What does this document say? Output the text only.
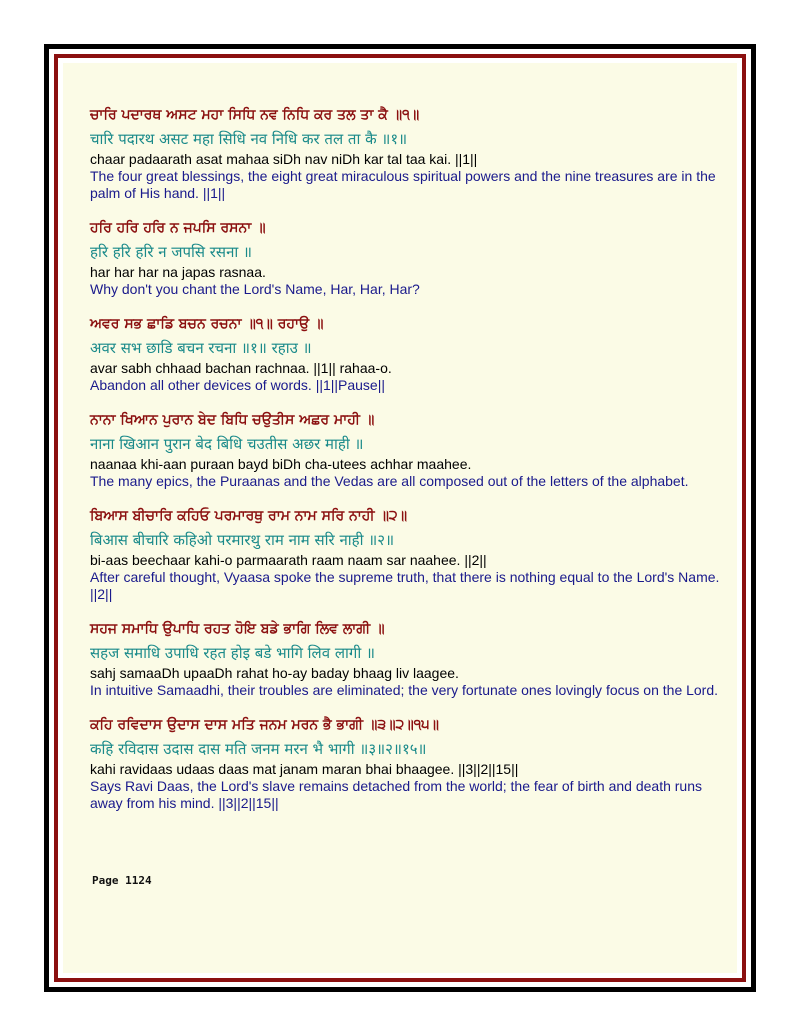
ਚਾਰਿ ਪਦਾਰਥ ਅਸਟ ਮਹਾ ਸਿਧਿ ਨਵ ਨਿਧਿ ਕਰ ਤਲ ਤਾ ਕੈ ॥੧॥
चारि पदारथ असट महा सिधि नव निधि कर तल ता कै ॥१॥
chaar padaarath asat mahaa siDh nav niDh kar tal taa kai. ||1||
The four great blessings, the eight great miraculous spiritual powers and the nine treasures are in the palm of His hand. ||1||
ਹਰਿ ਹਰਿ ਹਰਿ ਨ ਜਪਸਿ ਰਸਨਾ ॥
हरि हरि हरि न जपसि रसना ॥
har har har na japas rasnaa.
Why don't you chant the Lord's Name, Har, Har, Har?
ਅਵਰ ਸਭ ਛਾਡਿ ਬਚਨ ਰਚਨਾ ॥੧॥ ਰਹਾਉ ॥
अवर सभ छाडि बचन रचना ॥१॥ रहाउ ॥
avar sabh chhaad bachan rachnaa. ||1|| rahaa-o.
Abandon all other devices of words. ||1||Pause||
ਨਾਨਾ ਖਿਆਨ ਪੁਰਾਨ ਬੇਦ ਬਿਧਿ ਚਉਤੀਸ ਅਛਰ ਮਾਹੀ ॥
नाना खिआन पुरान बेद बिधि चउतीस अछर माही ॥
naanaa khi-aan puraan bayd biDh cha-utees achhar maahee.
The many epics, the Puraanas and the Vedas are all composed out of the letters of the alphabet.
ਬਿਆਸ ਬੀਚਾਰਿ ਕਹਿਓ ਪਰਮਾਰਥੁ ਰਾਮ ਨਾਮ ਸਰਿ ਨਾਹੀ ॥੨॥
बिआस बीचारि कहिओ परमारथु राम नाम सरि नाही ॥२॥
bi-aas beechaar kahi-o parmaarath raam naam sar naahee. ||2||
After careful thought, Vyaasa spoke the supreme truth, that there is nothing equal to the Lord's Name. ||2||
ਸਹਜ ਸਮਾਧਿ ਉਪਾਧਿ ਰਹਤ ਹੋਇ ਬਡੇ ਭਾਗਿ ਲਿਵ ਲਾਗੀ ॥
सहज समाधि उपाधि रहत होइ बडे भागि लिव लागी ॥
sahj samaaDh upaaDh rahat ho-ay baday bhaag liv laagee.
In intuitive Samaadhi, their troubles are eliminated; the very fortunate ones lovingly focus on the Lord.
ਕਹਿ ਰਵਿਦਾਸ ਉਦਾਸ ਦਾਸ ਮਤਿ ਜਨਮ ਮਰਨ ਭੈ ਭਾਗੀ ॥੩॥੨॥੧੫॥
कहि रविदास उदास दास मति जनम मरन भै भागी ॥३॥२॥१५॥
kahi ravidaas udaas daas mat janam maran bhai bhaagee. ||3||2||15||
Says Ravi Daas, the Lord's slave remains detached from the world; the fear of birth and death runs away from his mind. ||3||2||15||
Page 1124
